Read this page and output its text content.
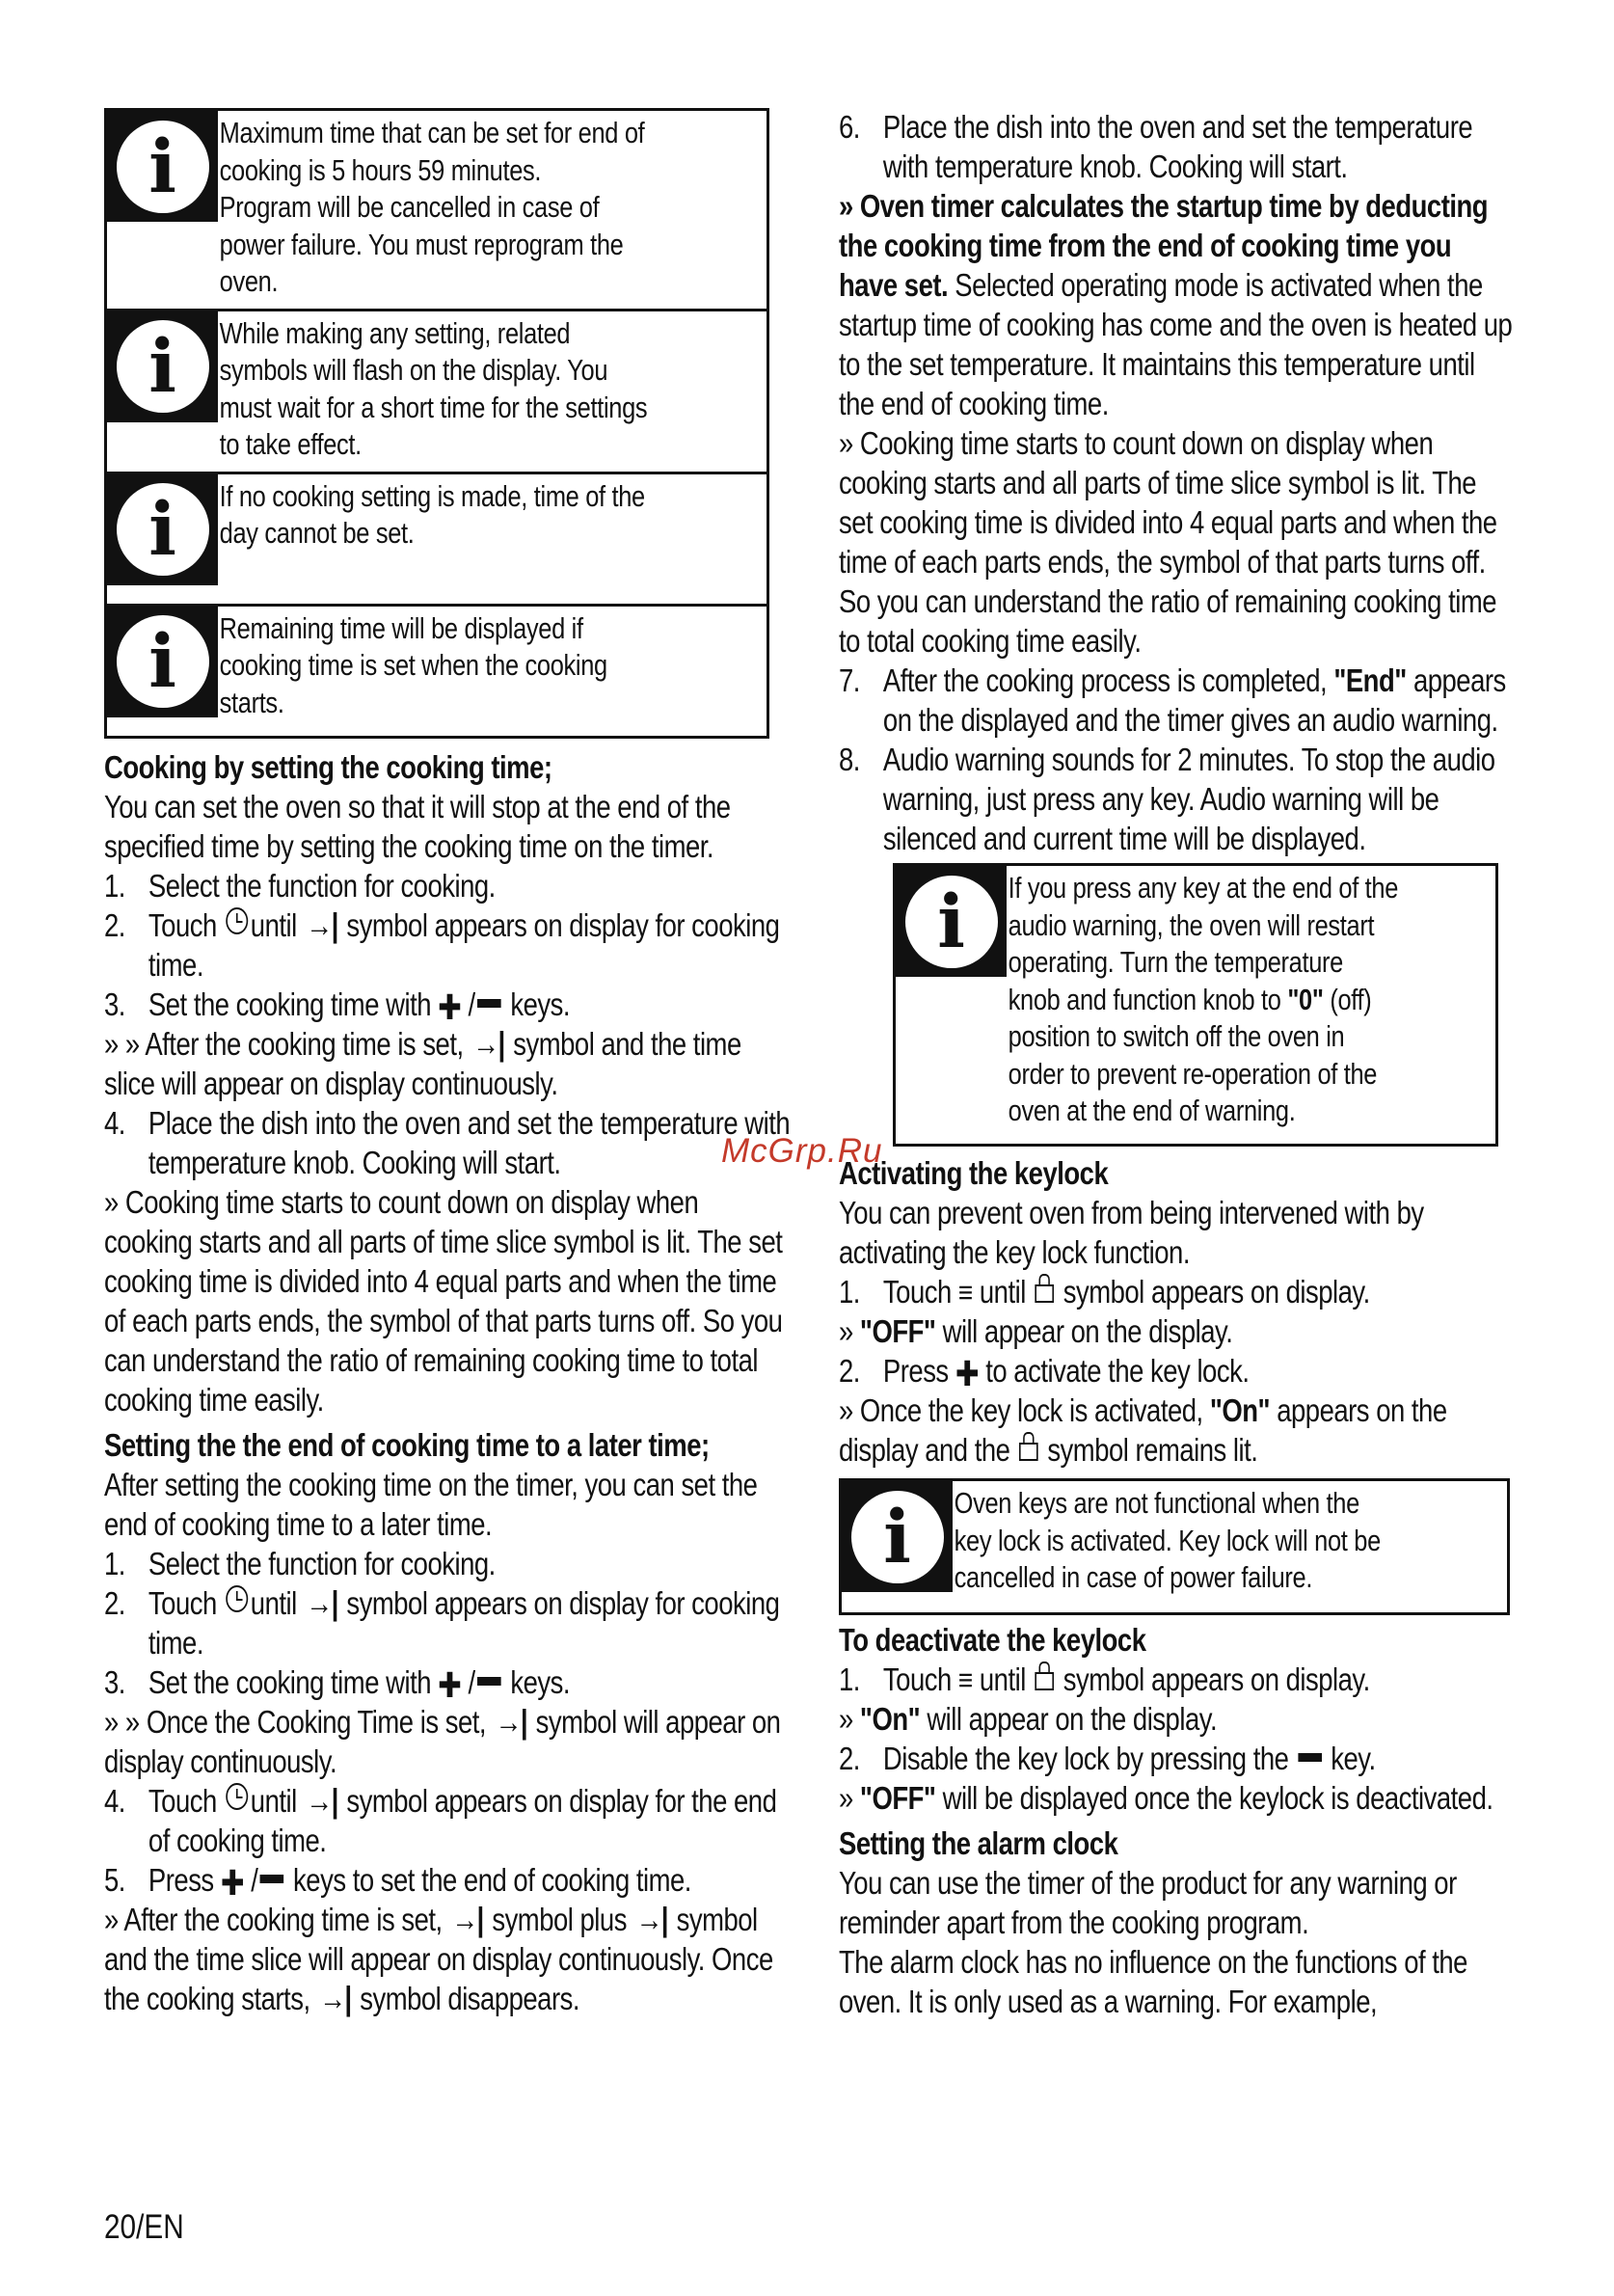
i	Maximum time that can be set for end of cooking is 5 hours 59 minutes.
Program will be cancelled in case of power failure. You must reprogram the oven.
i	While making any setting, related symbols will flash on the display. You must wait for a short time for the settings to take effect.
i	If no cooking setting is made, time of the day cannot be set.
i	Remaining time will be displayed if cooking time is set when the cooking starts.

Cooking by setting the cooking time;

You can set the oven so that it will stop at the end of the specified time by setting the cooking time on the timer.

1. Select the function for cooking.
2. Touch until →| symbol appears on display for cooking time.
3. Set the cooking time with ✚ / keys.

» » After the cooking time is set, →| symbol and the time slice will appear on display continuously.

4. Place the dish into the oven and set the temperature with temperature knob. Cooking will start.

» Cooking time starts to count down on display when cooking starts and all parts of time slice symbol is lit. The set cooking time is divided into 4 equal parts and when the time of each parts ends, the symbol of that parts turns off. So you can understand the ratio of remaining cooking time to total cooking time easily.

Setting the the end of cooking time to a later time;

After setting the cooking time on the timer, you can set the end of cooking time to a later time.

1. Select the function for cooking.
2. Touch until →| symbol appears on display for cooking time.
3. Set the cooking time with ✚ / keys.

» » Once the Cooking Time is set, →| symbol will appear on display continuously.

4. Touch until →| symbol appears on display for the end of cooking time.
5. Press ✚ / keys to set the end of cooking time.

» After the cooking time is set, →| symbol plus →| symbol and the time slice will appear on display continuously. Once the cooking starts, →| symbol disappears.

6. Place the dish into the oven and set the temperature with temperature knob. Cooking will start.

» Oven timer calculates the startup time by deducting the cooking time from the end of cooking time you have set. Selected operating mode is activated when the startup time of cooking has come and the oven is heated up to the set temperature. It maintains this temperature until the end of cooking time.

» Cooking time starts to count down on display when cooking starts and all parts of time slice symbol is lit. The set cooking time is divided into 4 equal parts and when the time of each parts ends, the symbol of that parts turns off. So you can understand the ratio of remaining cooking time to total cooking time easily.

7. After the cooking process is completed, "End" appears on the displayed and the timer gives an audio warning.
8. Audio warning sounds for 2 minutes. To stop the audio warning, just press any key. Audio warning will be silenced and current time will be displayed.
i	If you press any key at the end of the audio warning, the oven will restart operating. Turn the temperature knob and function knob to "0" (off) position to switch off the oven in order to prevent re-operation of the oven at the end of warning.

Activating the keylock

You can prevent oven from being intervened with by activating the key lock function.

1. Touch ≡ until symbol appears on display.

» "OFF" will appear on the display.

2. Press ✚ to activate the key lock.

» Once the key lock is activated, "On" appears on the display and the symbol remains lit.

i	Oven keys are not functional when the key lock is activated. Key lock will not be cancelled in case of power failure.

To deactivate the keylock

1. Touch ≡ until symbol appears on display.

» "On" will appear on the display.

2. Disable the key lock by pressing the key.

» "OFF" will be displayed once the keylock is deactivated.

Setting the alarm clock

You can use the timer of the product for any warning or reminder apart from the cooking program.

The alarm clock has no influence on the functions of the oven. It is only used as a warning. For example,

20/EN
McGrp.Ru
